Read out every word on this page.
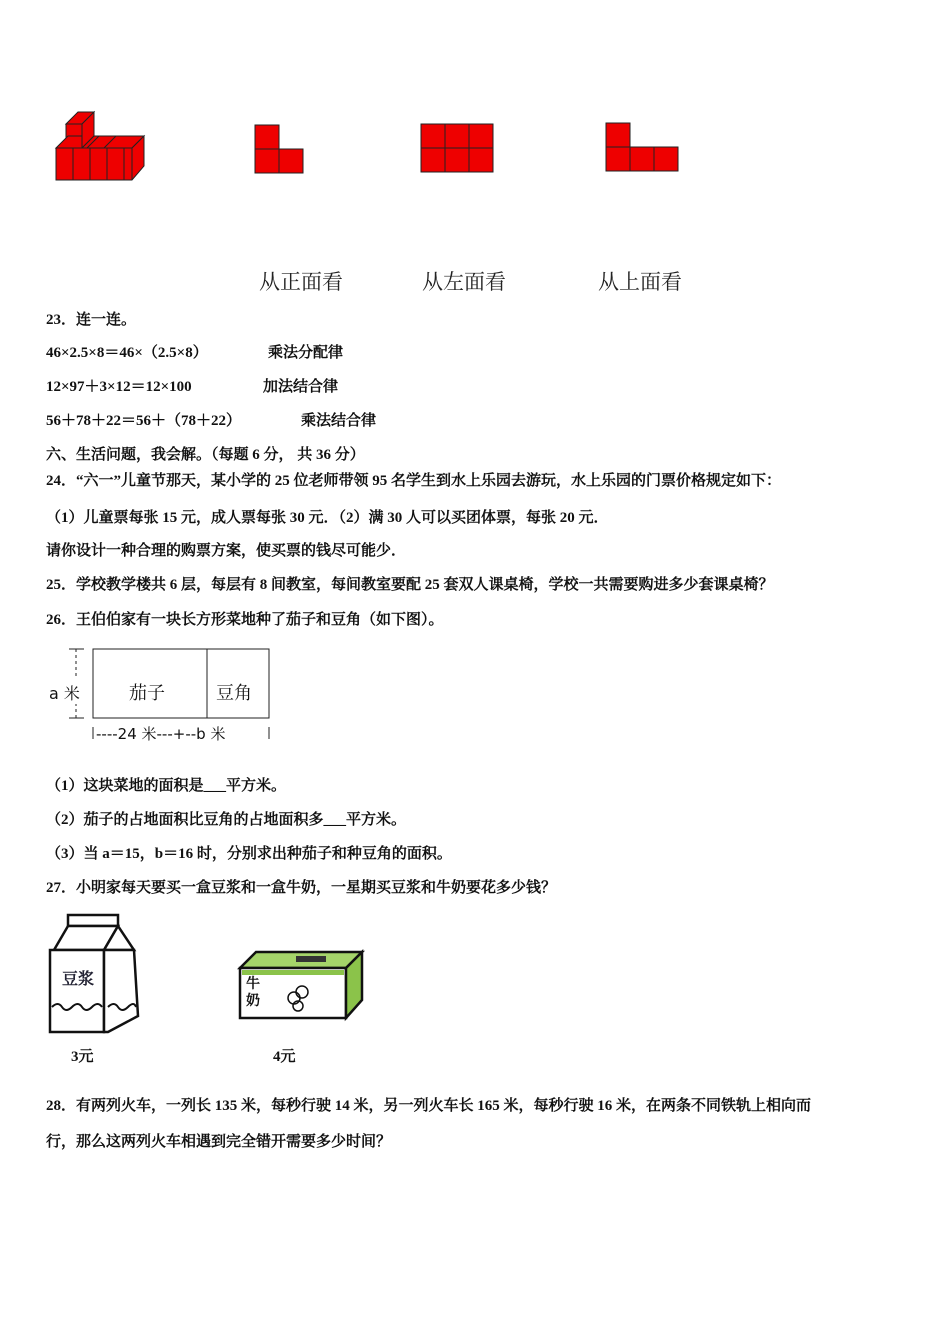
从正面看	从左面看	从上面看
23．连一连。
46×2.5×8＝46×（2.5×8）	乘法分配律
12×97＋3×12＝12×100	加法结合律
56＋78＋22＝56＋（78＋22）	乘法结合律
六、生活问题，我会解。（每题 6 分， 共 36 分）
24．“六一”儿童节那天，某小学的 25 位老师带领 95 名学生到水上乐园去游玩，水上乐园的门票价格规定如下：
（1）儿童票每张 15 元，成人票每张 30 元．（2）满 30 人可以买团体票，每张 20 元．
请你设计一种合理的购票方案，使买票的钱尽可能少．
25．学校教学楼共 6 层，每层有 8 间教室，每间教室要配 25 套双人课桌椅，学校一共需要购进多少套课桌椅？
26．王伯伯家有一块长方形菜地种了茄子和豆角（如下图）。
a 米	茄子	豆角
----24 米---+--b 米
（1）这块菜地的面积是___平方米。
（2）茄子的占地面积比豆角的占地面积多___平方米。
（3）当 a＝15，b＝16 时，分别求出种茄子和种豆角的面积。
27．小明家每天要买一盒豆浆和一盒牛奶，一星期买豆浆和牛奶要花多少钱？
豆浆
3元
牛奶
4元
28．有两列火车，一列长 135 米，每秒行驶 14 米，另一列火车长 165 米，每秒行驶 16 米，在两条不同铁轨上相向而
行，那么这两列火车相遇到完全错开需要多少时间？
